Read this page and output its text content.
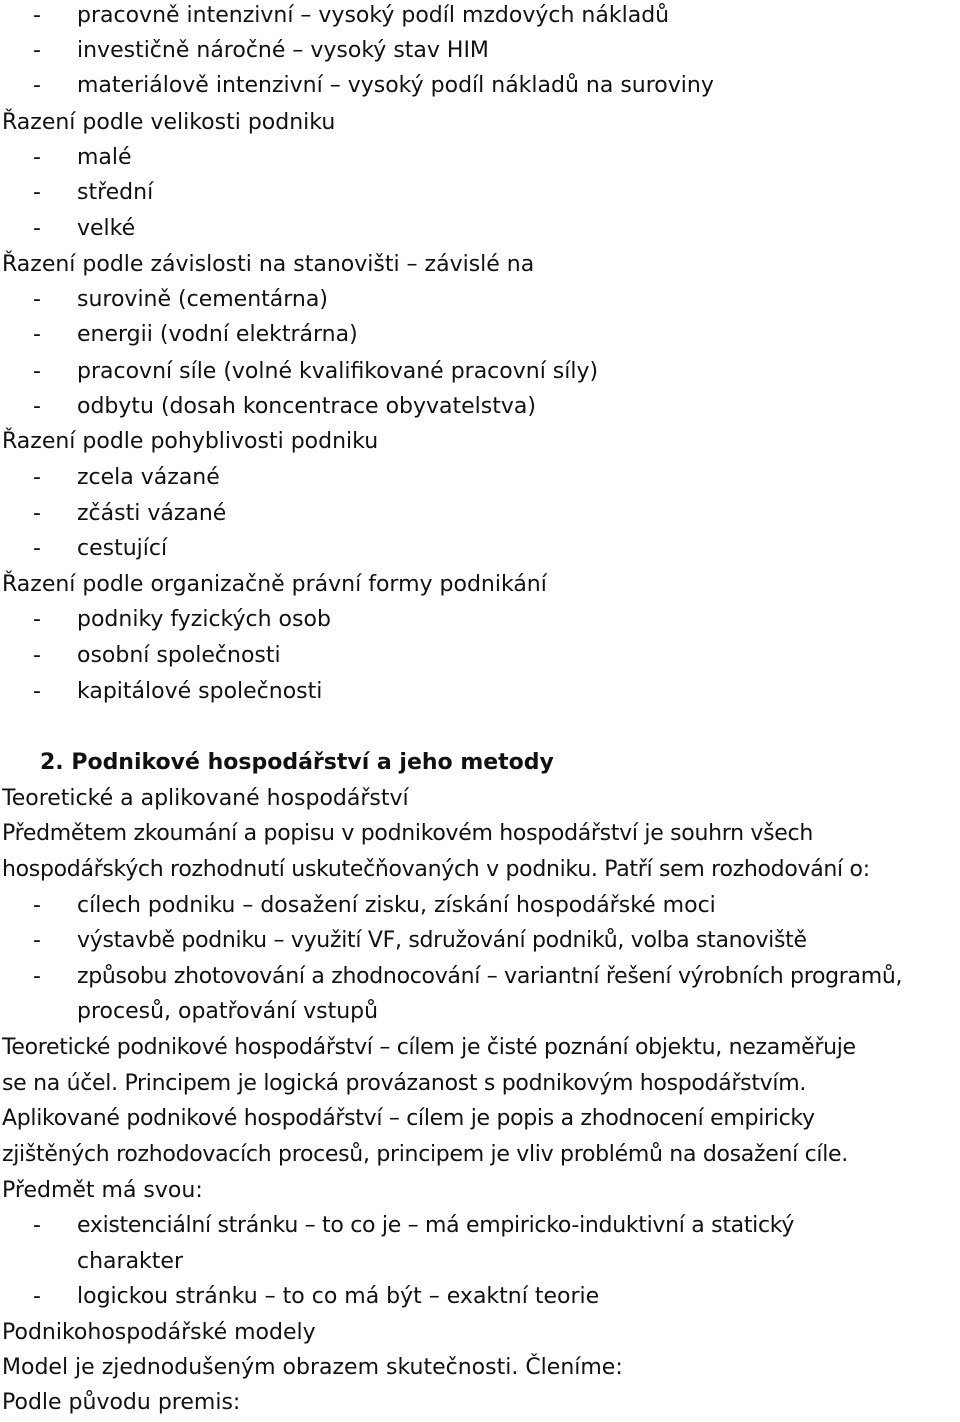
- pracovně intenzivní – vysoký podíl mzdových nákladů
- investičně náročné – vysoký stav HIM
- materiálově intenzivní – vysoký podíl nákladů na suroviny
Řazení podle velikosti podniku
- malé
- střední
- velké
Řazení podle závislosti na stanovišti – závislé na
- surovině (cementárna)
- energii (vodní elektrárna)
- pracovní síle (volné kvalifikované pracovní síly)
- odbytu (dosah koncentrace obyvatelstva)
Řazení podle pohyblivosti podniku
- zcela vázané
- zčásti vázané
- cestující
Řazení podle organizačně právní formy podnikání
- podniky fyzických osob
- osobní společnosti
- kapitálové společnosti
2. Podnikové hospodářství a jeho metody
Teoretické a aplikované hospodářství
Předmětem zkoumání a popisu v podnikovém hospodářství je souhrn všech
hospodářských rozhodnutí uskutečňovaných v podniku. Patří sem rozhodování o:
- cílech podniku – dosažení zisku, získání hospodářské moci
- výstavbě podniku – využití VF, sdružování podniků, volba stanoviště
- způsobu zhotovování a zhodnocování – variantní řešení výrobních programů,
procesů, opatřování vstupů
Teoretické podnikové hospodářství – cílem je čisté poznání objektu, nezaměřuje
se na účel. Principem je logická provázanost s podnikovým hospodářstvím.
Aplikované podnikové hospodářství – cílem je popis a zhodnocení empiricky
zjištěných rozhodovacích procesů, principem je vliv problémů na dosažení cíle.
Předmět má svou:
- existenciální stránku – to co je – má empiricko-induktivní a statický
charakter
- logickou stránku – to co má být – exaktní teorie
Podnikohospodářské modely
Model je zjednodušeným obrazem skutečnosti. Členíme:
Podle původu premis:
